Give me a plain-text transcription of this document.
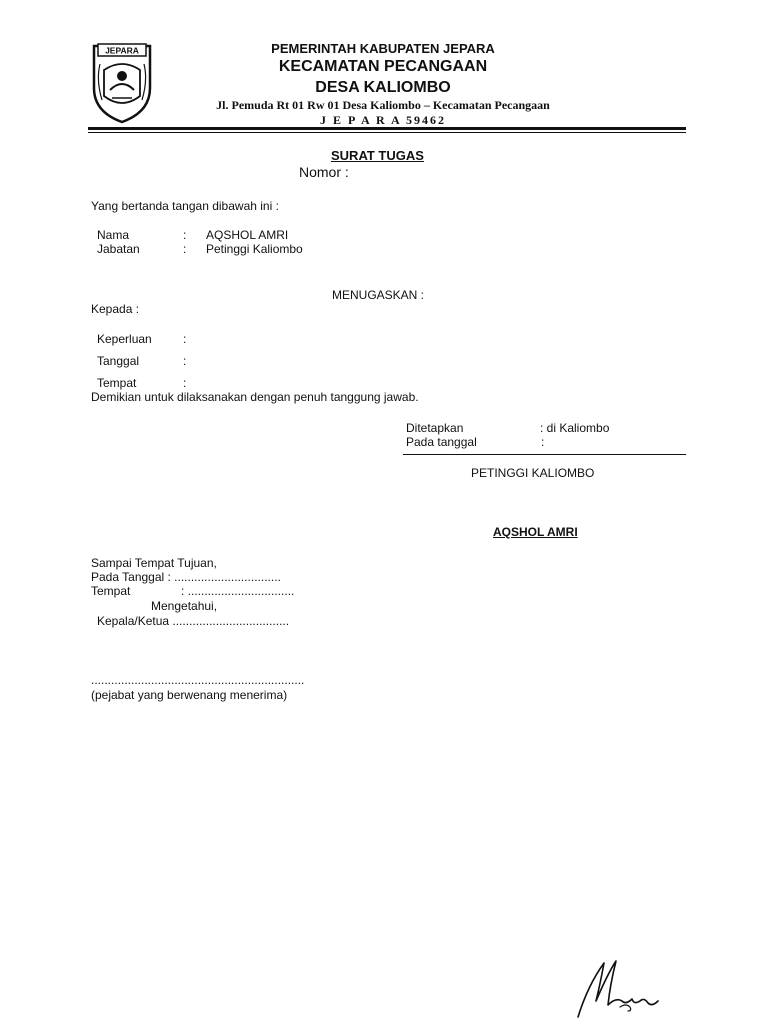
JEPARA	PEMERINTAH KABUPATEN JEPARA
KECAMATAN PECANGAAN
DESA KALIOMBO
Jl. Pemuda Rt 01 Rw 01 Desa Kaliombo – Kecamatan Pecangaan
J E P A R A 59462
SURAT TUGAS
Nomor :
Yang bertanda tangan dibawah ini :
Nama	: AQSHOL AMRI
Jabatan	: Petinggi Kaliombo
MENUGASKAN :
Kepada :
Keperluan	:
Tanggal	:
Tempat	:
Demikian untuk dilaksanakan dengan penuh tanggung jawab.
Ditetapkan	: di Kaliombo
Pada tanggal	:
PETINGGI KALIOMBO
AQSHOL AMRI
Sampai Tempat Tujuan,
Pada Tanggal : ................................
Tempat	: ................................
Mengetahui,
Kepala/Ketua ...................................
................................................................
(pejabat yang berwenang menerima)
